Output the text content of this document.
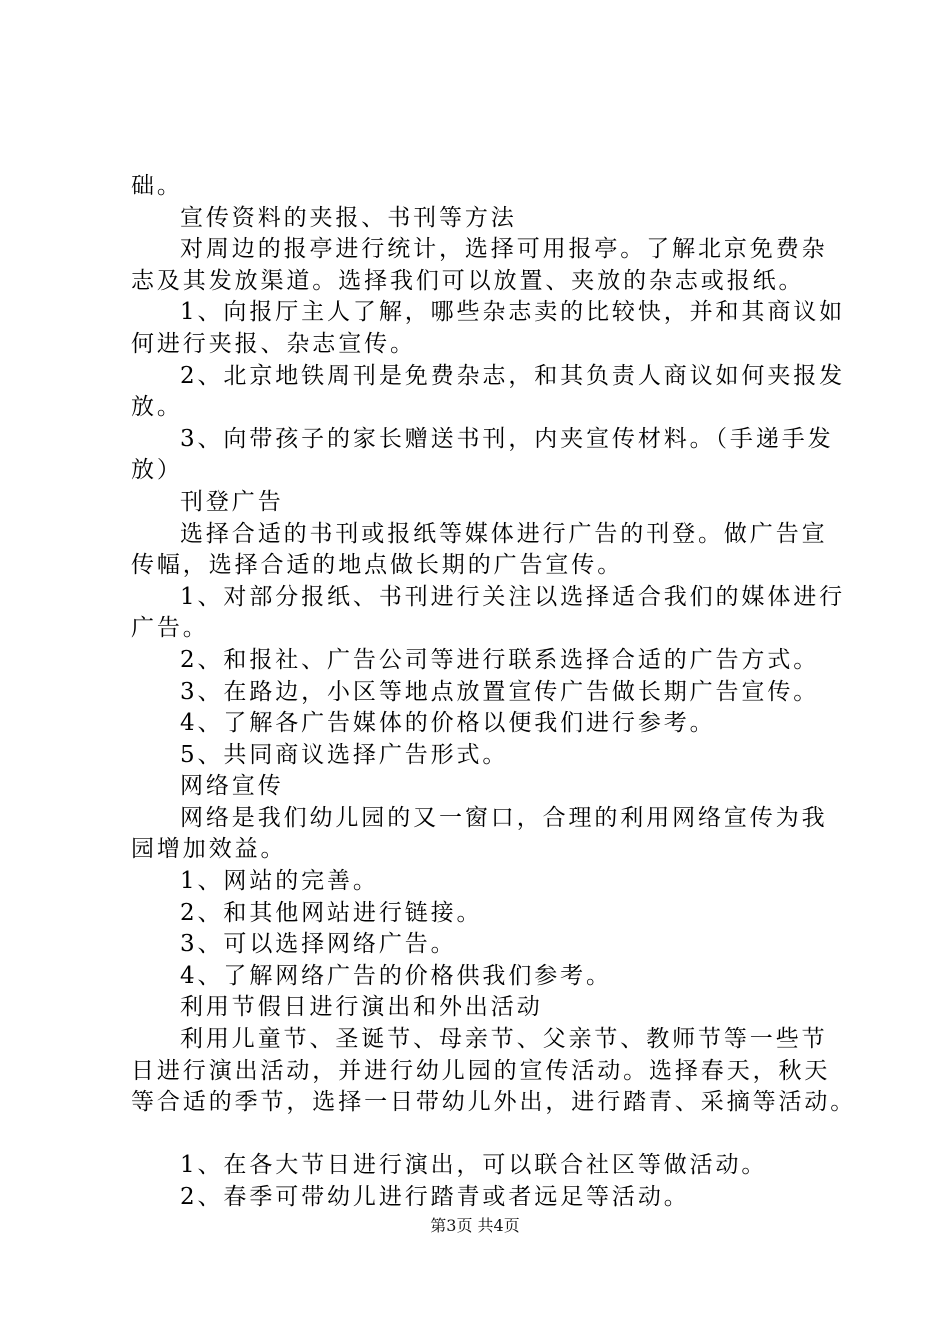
础。
宣传资料的夹报、书刊等方法
对周边的报亭进行统计，选择可用报亭。了解北京免费杂
志及其发放渠道。选择我们可以放置、夹放的杂志或报纸。
1、向报厅主人了解，哪些杂志卖的比较快，并和其商议如
何进行夹报、杂志宣传。
2、北京地铁周刊是免费杂志，和其负责人商议如何夹报发
放。
3、向带孩子的家长赠送书刊，内夹宣传材料。（手递手发
放）
刊登广告
选择合适的书刊或报纸等媒体进行广告的刊登。做广告宣
传幅，选择合适的地点做长期的广告宣传。
1、对部分报纸、书刊进行关注以选择适合我们的媒体进行
广告。
2、和报社、广告公司等进行联系选择合适的广告方式。
3、在路边，小区等地点放置宣传广告做长期广告宣传。
4、了解各广告媒体的价格以便我们进行参考。
5、共同商议选择广告形式。
网络宣传
网络是我们幼儿园的又一窗口，合理的利用网络宣传为我
园增加效益。
1、网站的完善。
2、和其他网站进行链接。
3、可以选择网络广告。
4、了解网络广告的价格供我们参考。
利用节假日进行演出和外出活动
利用儿童节、圣诞节、母亲节、父亲节、教师节等一些节
日进行演出活动，并进行幼儿园的宣传活动。选择春天，秋天
等合适的季节，选择一日带幼儿外出，进行踏青、采摘等活动。
1、在各大节日进行演出，可以联合社区等做活动。
2、春季可带幼儿进行踏青或者远足等活动。
第3页 共4页
